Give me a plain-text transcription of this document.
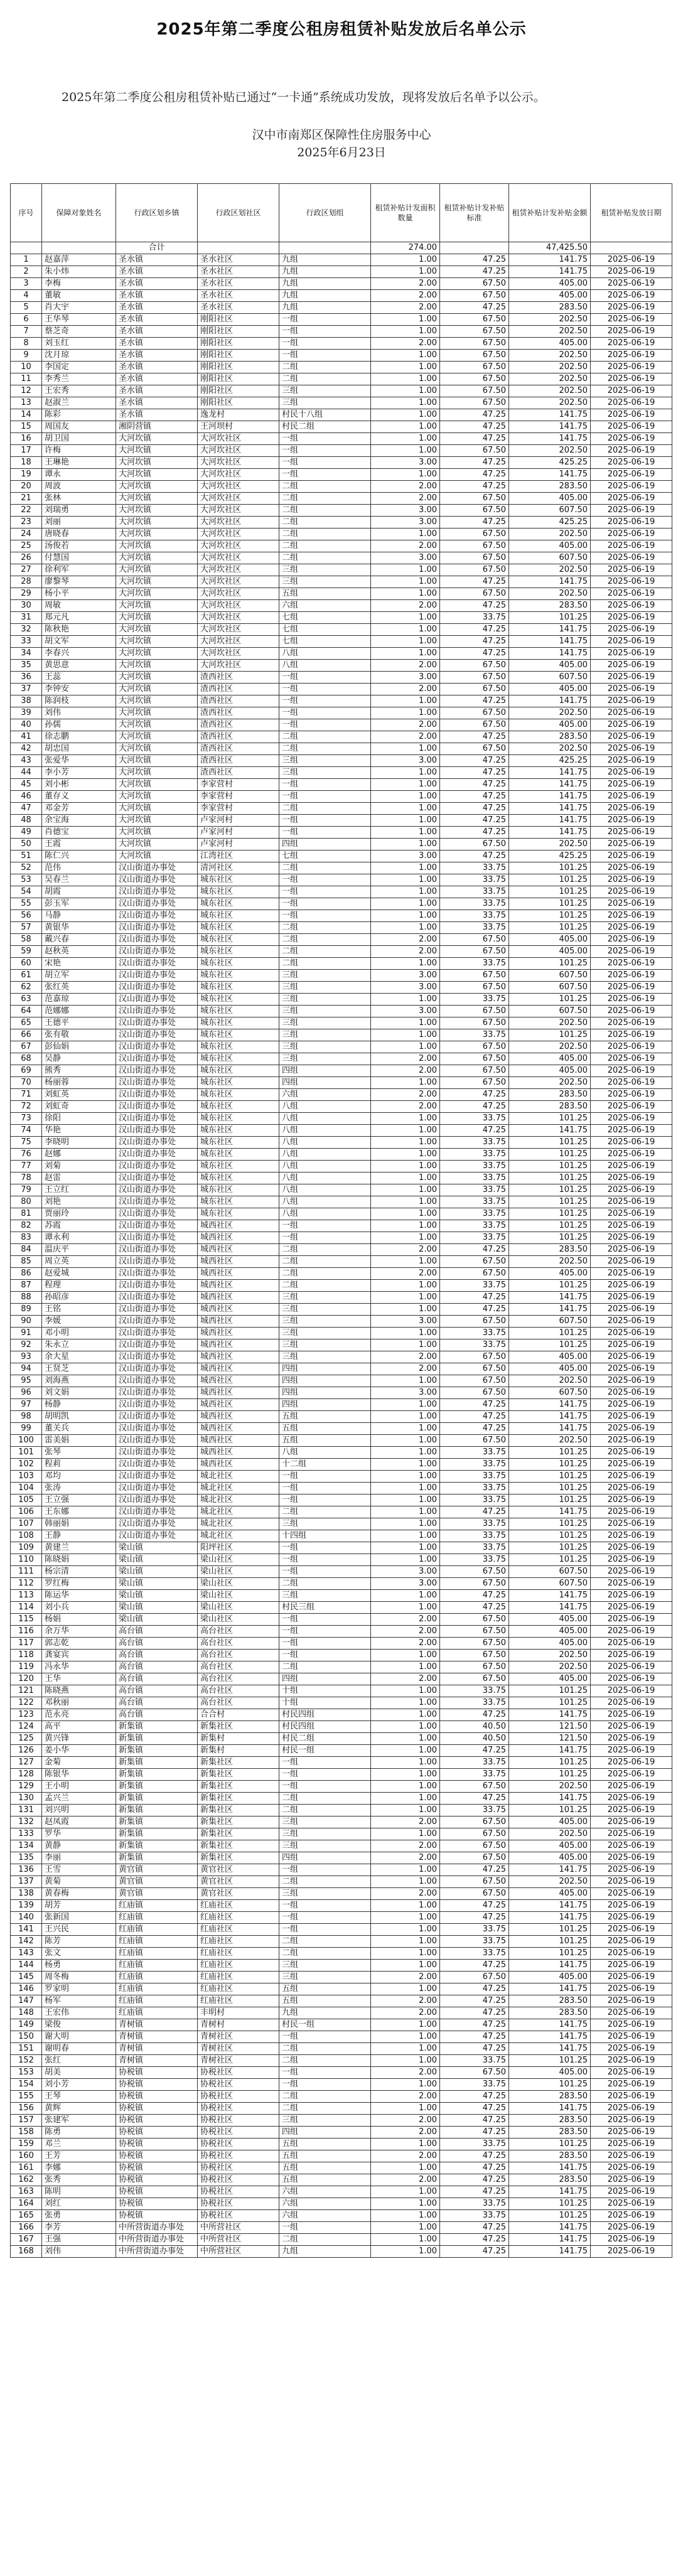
2025年第二季度公租房租赁补贴发放后名单公示
2025年第二季度公租房租赁补贴已通过“一卡通”系统成功发放，现将发放后名单予以公示。
汉中市南郑区保障性住房服务中心
2025年6月23日
序号	保障对象姓名	行政区划乡镇	行政区划社区	行政区划组	租赁补贴计发面积数量	租赁补贴计发补贴标准	租赁补贴计发补贴金额	租赁补贴发放日期
		合计			274.00		47,425.50	
1	赵嘉萍	圣水镇	圣水社区	九组	1.00	47.25	141.75	2025-06-19
2	朱小炜	圣水镇	圣水社区	九组	1.00	47.25	141.75	2025-06-19
3	李梅	圣水镇	圣水社区	九组	2.00	67.50	405.00	2025-06-19
4	董敏	圣水镇	圣水社区	九组	2.00	67.50	405.00	2025-06-19
5	肖大宇	圣水镇	圣水社区	九组	2.00	47.25	283.50	2025-06-19
6	王华琴	圣水镇	刚阳社区	一组	1.00	67.50	202.50	2025-06-19
7	蔡芝奇	圣水镇	刚阳社区	一组	1.00	67.50	202.50	2025-06-19
8	刘玉红	圣水镇	刚阳社区	一组	2.00	67.50	405.00	2025-06-19
9	沈月琼	圣水镇	刚阳社区	一组	1.00	67.50	202.50	2025-06-19
10	李国定	圣水镇	刚阳社区	二组	1.00	67.50	202.50	2025-06-19
11	李秀兰	圣水镇	刚阳社区	二组	1.00	67.50	202.50	2025-06-19
12	王宏秀	圣水镇	刚阳社区	三组	1.00	67.50	202.50	2025-06-19
13	赵淑兰	圣水镇	刚阳社区	三组	1.00	67.50	202.50	2025-06-19
14	陈彩	圣水镇	逸龙村	村民十八组	1.00	47.25	141.75	2025-06-19
15	周国友	湘阴营镇	王河坝村	村民二组	1.00	47.25	141.75	2025-06-19
16	胡卫国	大河坎镇	大河坎社区	一组	1.00	47.25	141.75	2025-06-19
17	许梅	大河坎镇	大河坎社区	一组	1.00	67.50	202.50	2025-06-19
18	王琳艳	大河坎镇	大河坎社区	一组	3.00	47.25	425.25	2025-06-19
19	谭永	大河坎镇	大河坎社区	一组	1.00	47.25	141.75	2025-06-19
20	周波	大河坎镇	大河坎社区	二组	2.00	47.25	283.50	2025-06-19
21	张林	大河坎镇	大河坎社区	二组	2.00	67.50	405.00	2025-06-19
22	刘瑞勇	大河坎镇	大河坎社区	二组	3.00	67.50	607.50	2025-06-19
23	刘丽	大河坎镇	大河坎社区	二组	3.00	47.25	425.25	2025-06-19
24	唐晓春	大河坎镇	大河坎社区	二组	1.00	67.50	202.50	2025-06-19
25	汤俊若	大河坎镇	大河坎社区	二组	2.00	67.50	405.00	2025-06-19
26	付慧国	大河坎镇	大河坎社区	二组	3.00	67.50	607.50	2025-06-19
27	徐利军	大河坎镇	大河坎社区	三组	1.00	67.50	202.50	2025-06-19
28	廖黎琴	大河坎镇	大河坎社区	三组	1.00	47.25	141.75	2025-06-19
29	杨小平	大河坎镇	大河坎社区	五组	1.00	67.50	202.50	2025-06-19
30	周敏	大河坎镇	大河坎社区	六组	2.00	47.25	283.50	2025-06-19
31	郑元凡	大河坎镇	大河坎社区	七组	1.00	33.75	101.25	2025-06-19
32	陈秋艳	大河坎镇	大河坎社区	七组	1.00	47.25	141.75	2025-06-19
33	胡文军	大河坎镇	大河坎社区	七组	1.00	47.25	141.75	2025-06-19
34	李春兴	大河坎镇	大河坎社区	八组	1.00	47.25	141.75	2025-06-19
35	黄思意	大河坎镇	大河坎社区	八组	2.00	67.50	405.00	2025-06-19
36	王蕊	大河坎镇	渣西社区	一组	3.00	67.50	607.50	2025-06-19
37	李钟安	大河坎镇	渣西社区	一组	2.00	67.50	405.00	2025-06-19
38	陈润枝	大河坎镇	渣西社区	一组	1.00	47.25	141.75	2025-06-19
39	刘伟	大河坎镇	渣西社区	一组	1.00	67.50	202.50	2025-06-19
40	孙儒	大河坎镇	渣西社区	一组	2.00	67.50	405.00	2025-06-19
41	徐志鹏	大河坎镇	渣西社区	二组	2.00	47.25	283.50	2025-06-19
42	胡忠国	大河坎镇	渣西社区	二组	1.00	67.50	202.50	2025-06-19
43	张爱华	大河坎镇	渣西社区	三组	3.00	47.25	425.25	2025-06-19
44	李小芳	大河坎镇	渣西社区	三组	1.00	47.25	141.75	2025-06-19
45	刘小彬	大河坎镇	李家营村	一组	1.00	47.25	141.75	2025-06-19
46	董存义	大河坎镇	李家营村	一组	1.00	47.25	141.75	2025-06-19
47	邓金芳	大河坎镇	李家营村	二组	1.00	47.25	141.75	2025-06-19
48	余宝海	大河坎镇	卢家河村	一组	1.00	47.25	141.75	2025-06-19
49	肖德宝	大河坎镇	卢家河村	一组	1.00	47.25	141.75	2025-06-19
50	王霞	大河坎镇	卢家河村	四组	1.00	67.50	202.50	2025-06-19
51	陈仁兴	大河坎镇	江湾社区	七组	3.00	47.25	425.25	2025-06-19
52	范伟	汉山街道办事处	清河社区	二组	1.00	33.75	101.25	2025-06-19
53	吴春兰	汉山街道办事处	城东社区	一组	1.00	33.75	101.25	2025-06-19
54	胡霞	汉山街道办事处	城东社区	一组	1.00	33.75	101.25	2025-06-19
55	彭玉军	汉山街道办事处	城东社区	一组	1.00	33.75	101.25	2025-06-19
56	马静	汉山街道办事处	城东社区	一组	1.00	33.75	101.25	2025-06-19
57	黄银华	汉山街道办事处	城东社区	二组	1.00	33.75	101.25	2025-06-19
58	戴兴春	汉山街道办事处	城东社区	二组	2.00	67.50	405.00	2025-06-19
59	赵秋英	汉山街道办事处	城东社区	二组	2.00	67.50	405.00	2025-06-19
60	宋艳	汉山街道办事处	城东社区	二组	1.00	33.75	101.25	2025-06-19
61	胡立军	汉山街道办事处	城东社区	三组	3.00	67.50	607.50	2025-06-19
62	张红英	汉山街道办事处	城东社区	三组	3.00	67.50	607.50	2025-06-19
63	范嘉琼	汉山街道办事处	城东社区	三组	1.00	33.75	101.25	2025-06-19
64	范娜娜	汉山街道办事处	城东社区	三组	3.00	67.50	607.50	2025-06-19
65	王德平	汉山街道办事处	城东社区	三组	1.00	67.50	202.50	2025-06-19
66	张有敬	汉山街道办事处	城东社区	三组	1.00	33.75	101.25	2025-06-19
67	彭仙娟	汉山街道办事处	城东社区	三组	1.00	67.50	202.50	2025-06-19
68	吴静	汉山街道办事处	城东社区	三组	2.00	67.50	405.00	2025-06-19
69	熊秀	汉山街道办事处	城东社区	四组	2.00	67.50	405.00	2025-06-19
70	杨丽蓉	汉山街道办事处	城东社区	四组	1.00	67.50	202.50	2025-06-19
71	刘虹英	汉山街道办事处	城东社区	六组	2.00	47.25	283.50	2025-06-19
72	刘虹奇	汉山街道办事处	城东社区	八组	2.00	47.25	283.50	2025-06-19
73	徐阳	汉山街道办事处	城东社区	八组	1.00	33.75	101.25	2025-06-19
74	华艳	汉山街道办事处	城东社区	八组	1.00	47.25	141.75	2025-06-19
75	李晓明	汉山街道办事处	城东社区	八组	1.00	33.75	101.25	2025-06-19
76	赵娜	汉山街道办事处	城东社区	八组	1.00	33.75	101.25	2025-06-19
77	刘菊	汉山街道办事处	城东社区	八组	1.00	33.75	101.25	2025-06-19
78	赵雷	汉山街道办事处	城东社区	八组	1.00	33.75	101.25	2025-06-19
79	王立红	汉山街道办事处	城东社区	八组	1.00	33.75	101.25	2025-06-19
80	刘艳	汉山街道办事处	城东社区	八组	1.00	33.75	101.25	2025-06-19
81	贾丽玲	汉山街道办事处	城东社区	八组	1.00	33.75	101.25	2025-06-19
82	苏霞	汉山街道办事处	城西社区	一组	1.00	33.75	101.25	2025-06-19
83	谭永利	汉山街道办事处	城西社区	一组	1.00	33.75	101.25	2025-06-19
84	温庆平	汉山街道办事处	城西社区	二组	2.00	47.25	283.50	2025-06-19
85	周立英	汉山街道办事处	城西社区	二组	1.00	67.50	202.50	2025-06-19
86	赵爱城	汉山街道办事处	城西社区	二组	2.00	67.50	405.00	2025-06-19
87	程理	汉山街道办事处	城西社区	二组	1.00	33.75	101.25	2025-06-19
88	孙昭彦	汉山街道办事处	城西社区	三组	1.00	47.25	141.75	2025-06-19
89	王铭	汉山街道办事处	城西社区	三组	1.00	47.25	141.75	2025-06-19
90	李媛	汉山街道办事处	城西社区	三组	3.00	67.50	607.50	2025-06-19
91	邓小明	汉山街道办事处	城西社区	三组	1.00	33.75	101.25	2025-06-19
92	朱永立	汉山街道办事处	城西社区	三组	1.00	33.75	101.25	2025-06-19
93	余大星	汉山街道办事处	城西社区	三组	2.00	67.50	405.00	2025-06-19
94	王贤芝	汉山街道办事处	城西社区	四组	2.00	67.50	405.00	2025-06-19
95	刘海燕	汉山街道办事处	城西社区	四组	1.00	67.50	202.50	2025-06-19
96	刘文娟	汉山街道办事处	城西社区	四组	3.00	67.50	607.50	2025-06-19
97	杨静	汉山街道办事处	城西社区	四组	1.00	47.25	141.75	2025-06-19
98	胡明凯	汉山街道办事处	城西社区	五组	1.00	47.25	141.75	2025-06-19
99	董关兵	汉山街道办事处	城西社区	五组	1.00	47.25	141.75	2025-06-19
100	雷美娟	汉山街道办事处	城西社区	五组	1.00	67.50	202.50	2025-06-19
101	张琴	汉山街道办事处	城西社区	八组	1.00	33.75	101.25	2025-06-19
102	程莉	汉山街道办事处	城西社区	十二组	1.00	33.75	101.25	2025-06-19
103	邓均	汉山街道办事处	城北社区	一组	1.00	33.75	101.25	2025-06-19
104	张涛	汉山街道办事处	城北社区	一组	1.00	33.75	101.25	2025-06-19
105	王立强	汉山街道办事处	城北社区	一组	1.00	33.75	101.25	2025-06-19
106	王东娜	汉山街道办事处	城北社区	二组	1.00	47.25	141.75	2025-06-19
107	韩丽娟	汉山街道办事处	城北社区	三组	1.00	33.75	101.25	2025-06-19
108	王静	汉山街道办事处	城北社区	十四组	1.00	33.75	101.25	2025-06-19
109	黄建兰	梁山镇	阳坪社区	一组	1.00	33.75	101.25	2025-06-19
110	陈晓娟	梁山镇	梁山社区	一组	1.00	33.75	101.25	2025-06-19
111	杨宗清	梁山镇	梁山社区	一组	3.00	67.50	607.50	2025-06-19
112	罗红梅	梁山镇	梁山社区	二组	3.00	67.50	607.50	2025-06-19
113	陈运华	梁山镇	梁山社区	三组	1.00	47.25	141.75	2025-06-19
114	刘小兵	梁山镇	梁山社区	村民三组	1.00	47.25	141.75	2025-06-19
115	杨娟	梁山镇	梁山社区	一组	2.00	67.50	405.00	2025-06-19
116	余万华	高台镇	高台社区	一组	2.00	67.50	405.00	2025-06-19
117	郭志乾	高台镇	高台社区	一组	2.00	67.50	405.00	2025-06-19
118	龚宴宾	高台镇	高台社区	一组	1.00	67.50	202.50	2025-06-19
119	冯永华	高台镇	高台社区	二组	1.00	67.50	202.50	2025-06-19
120	王华	高台镇	高台社区	四组	2.00	67.50	405.00	2025-06-19
121	陈晓燕	高台镇	高台社区	十组	1.00	33.75	101.25	2025-06-19
122	邓秋丽	高台镇	高台社区	十组	1.00	33.75	101.25	2025-06-19
123	范永亮	高台镇	合合村	村民四组	1.00	47.25	141.75	2025-06-19
124	高平	新集镇	新集社区	村民四组	1.00	40.50	121.50	2025-06-19
125	黄兴锋	新集镇	新集村	村民二组	1.00	40.50	121.50	2025-06-19
126	姜小华	新集镇	新集村	村民一组	1.00	47.25	141.75	2025-06-19
127	金菊	新集镇	新集社区	一组	1.00	33.75	101.25	2025-06-19
128	陈银华	新集镇	新集社区	一组	1.00	33.75	101.25	2025-06-19
129	王小明	新集镇	新集社区	一组	1.00	67.50	202.50	2025-06-19
130	孟兴兰	新集镇	新集社区	二组	1.00	47.25	141.75	2025-06-19
131	刘兴明	新集镇	新集社区	二组	1.00	33.75	101.25	2025-06-19
132	赵凤霞	新集镇	新集社区	三组	2.00	67.50	405.00	2025-06-19
133	罗华	新集镇	新集社区	三组	1.00	67.50	202.50	2025-06-19
134	黄静	新集镇	新集社区	三组	2.00	67.50	405.00	2025-06-19
135	李丽	新集镇	新集社区	四组	2.00	67.50	405.00	2025-06-19
136	王雪	黄官镇	黄官社区	一组	1.00	47.25	141.75	2025-06-19
137	黄菊	黄官镇	黄官社区	二组	1.00	67.50	202.50	2025-06-19
138	黄春梅	黄官镇	黄官社区	三组	2.00	67.50	405.00	2025-06-19
139	胡芳	红庙镇	红庙社区	一组	1.00	47.25	141.75	2025-06-19
140	张新国	红庙镇	红庙社区	一组	1.00	47.25	141.75	2025-06-19
141	王兴民	红庙镇	红庙社区	一组	1.00	33.75	101.25	2025-06-19
142	陈芳	红庙镇	红庙社区	二组	1.00	33.75	101.25	2025-06-19
143	张文	红庙镇	红庙社区	二组	1.00	33.75	101.25	2025-06-19
144	杨勇	红庙镇	红庙社区	三组	1.00	47.25	141.75	2025-06-19
145	周冬梅	红庙镇	红庙社区	三组	2.00	67.50	405.00	2025-06-19
146	罗家明	红庙镇	红庙社区	五组	1.00	47.25	141.75	2025-06-19
147	杨军	红庙镇	红庙社区	五组	2.00	47.25	283.50	2025-06-19
148	王宏伟	红庙镇	丰明村	九组	2.00	47.25	283.50	2025-06-19
149	梁俊	青树镇	青树村	村民一组	1.00	47.25	141.75	2025-06-19
150	谢大明	青树镇	青树社区	一组	1.00	47.25	141.75	2025-06-19
151	谢明春	青树镇	青树社区	二组	1.00	47.25	141.75	2025-06-19
152	张红	青树镇	青树社区	二组	1.00	33.75	101.25	2025-06-19
153	胡美	协税镇	协税社区	一组	2.00	67.50	405.00	2025-06-19
154	刘小芳	协税镇	协税社区	一组	1.00	33.75	101.25	2025-06-19
155	王琴	协税镇	协税社区	二组	2.00	47.25	283.50	2025-06-19
156	黄辉	协税镇	协税社区	二组	1.00	47.25	141.75	2025-06-19
157	张建军	协税镇	协税社区	三组	2.00	47.25	283.50	2025-06-19
158	陈勇	协税镇	协税社区	四组	2.00	47.25	283.50	2025-06-19
159	邓兰	协税镇	协税社区	五组	1.00	33.75	101.25	2025-06-19
160	王芳	协税镇	协税社区	五组	2.00	47.25	283.50	2025-06-19
161	李娜	协税镇	协税社区	五组	1.00	47.25	141.75	2025-06-19
162	张秀	协税镇	协税社区	五组	2.00	47.25	283.50	2025-06-19
163	陈明	协税镇	协税社区	六组	1.00	47.25	141.75	2025-06-19
164	刘红	协税镇	协税社区	六组	1.00	33.75	101.25	2025-06-19
165	张勇	协税镇	协税社区	六组	1.00	33.75	101.25	2025-06-19
166	李芳	中所营街道办事处	中所营社区	一组	1.00	47.25	141.75	2025-06-19
167	王强	中所营街道办事处	中所营社区	二组	1.00	47.25	141.75	2025-06-19
168	刘伟	中所营街道办事处	中所营社区	九组	1.00	47.25	141.75	2025-06-19
